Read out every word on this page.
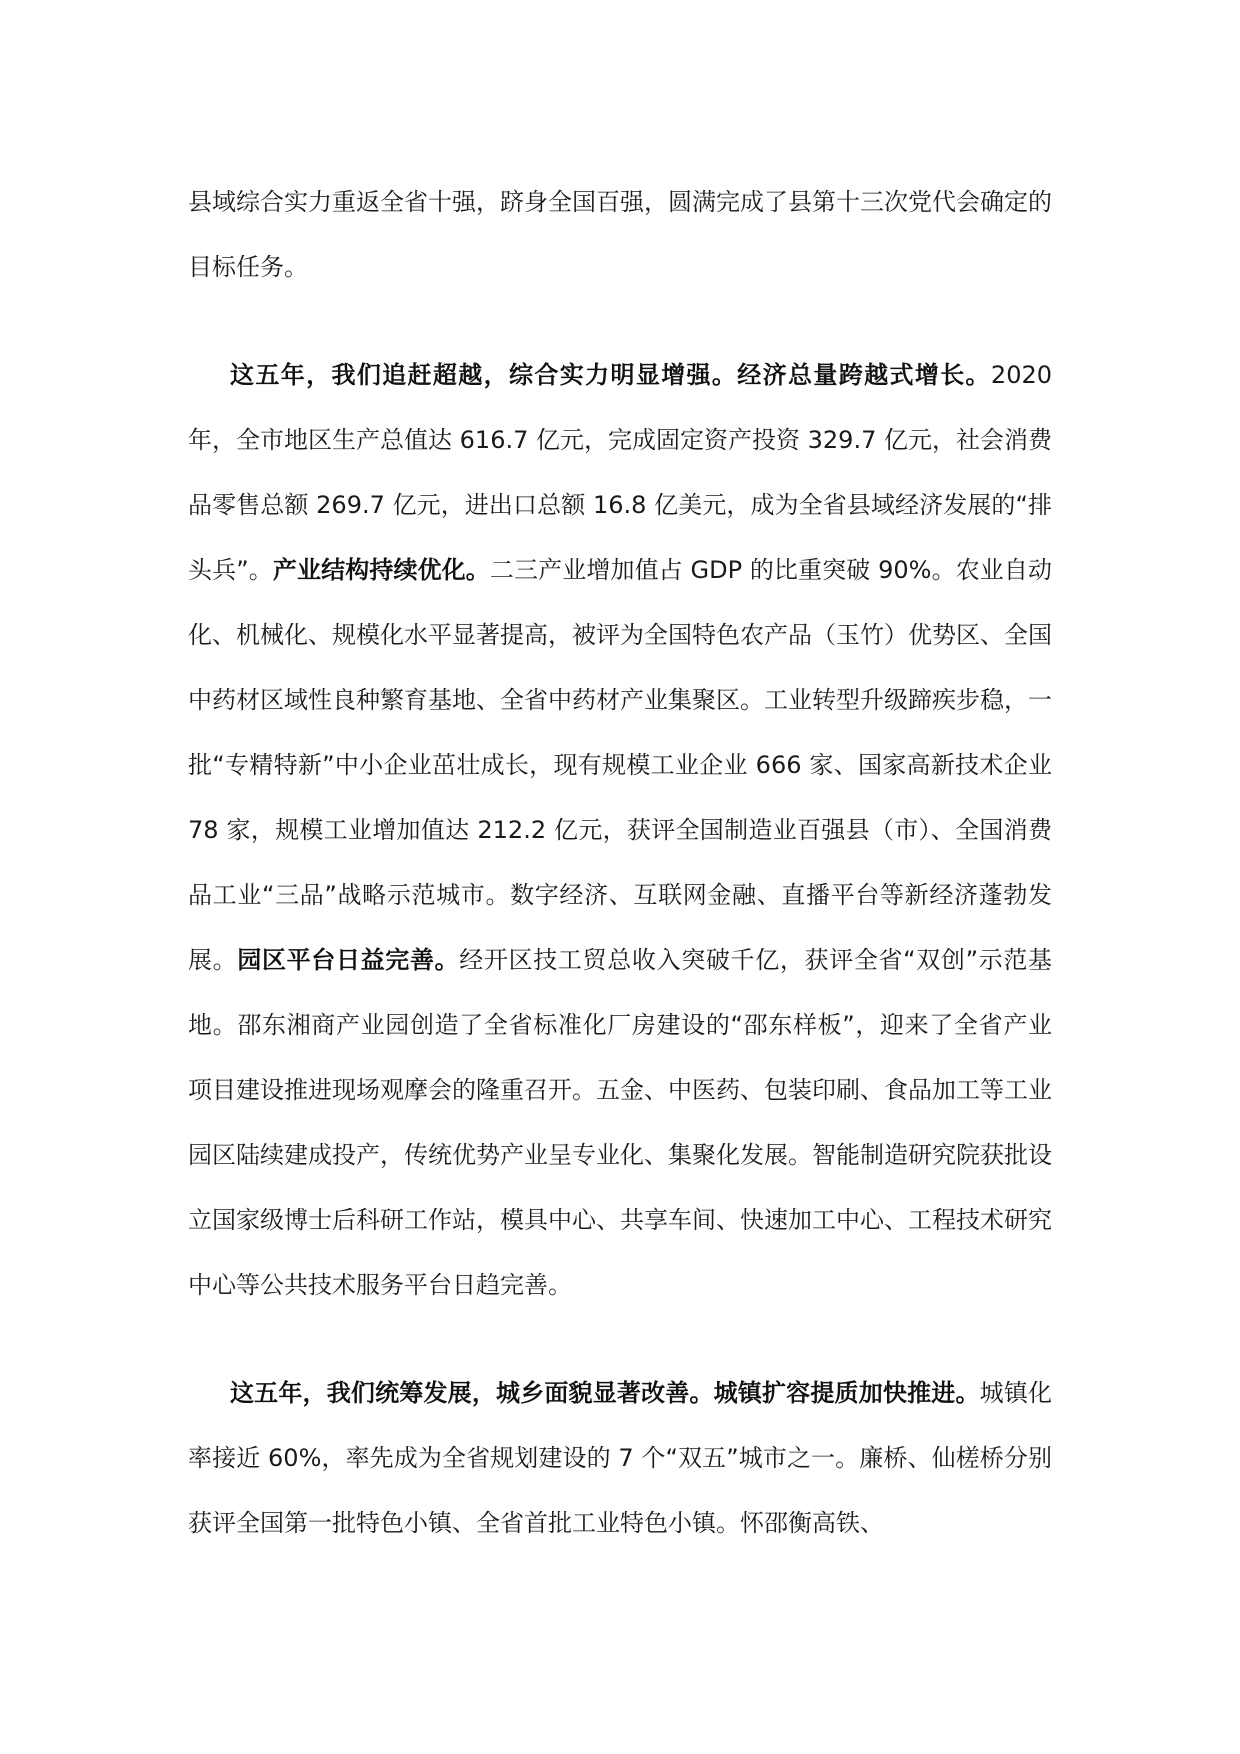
县域综合实力重返全省十强，跻身全国百强，圆满完成了县第十三次党代会确定的目标任务。

这五年，我们追赶超越，综合实力明显增强。经济总量跨越式增长。2020年，全市地区生产总值达 616.7 亿元，完成固定资产投资 329.7 亿元，社会消费品零售总额 269.7 亿元，进出口总额 16.8 亿美元，成为全省县域经济发展的“排头兵”。产业结构持续优化。二三产业增加值占 GDP 的比重突破 90%。农业自动化、机械化、规模化水平显著提高，被评为全国特色农产品（玉竹）优势区、全国中药材区域性良种繁育基地、全省中药材产业集聚区。工业转型升级蹄疾步稳，一批“专精特新”中小企业茁壮成长，现有规模工业企业 666 家、国家高新技术企业 78 家，规模工业增加值达 212.2 亿元，获评全国制造业百强县（市）、全国消费品工业“三品”战略示范城市。数字经济、互联网金融、直播平台等新经济蓬勃发展。园区平台日益完善。经开区技工贸总收入突破千亿，获评全省“双创”示范基地。邵东湘商产业园创造了全省标准化厂房建设的“邵东样板”，迎来了全省产业项目建设推进现场观摩会的隆重召开。五金、中医药、包装印刷、食品加工等工业园区陆续建成投产，传统优势产业呈专业化、集聚化发展。智能制造研究院获批设立国家级博士后科研工作站，模具中心、共享车间、快速加工中心、工程技术研究中心等公共技术服务平台日趋完善。

这五年，我们统筹发展，城乡面貌显著改善。城镇扩容提质加快推进。城镇化率接近 60%，率先成为全省规划建设的 7 个“双五”城市之一。廉桥、仙槎桥分别获评全国第一批特色小镇、全省首批工业特色小镇。怀邵衡高铁、
